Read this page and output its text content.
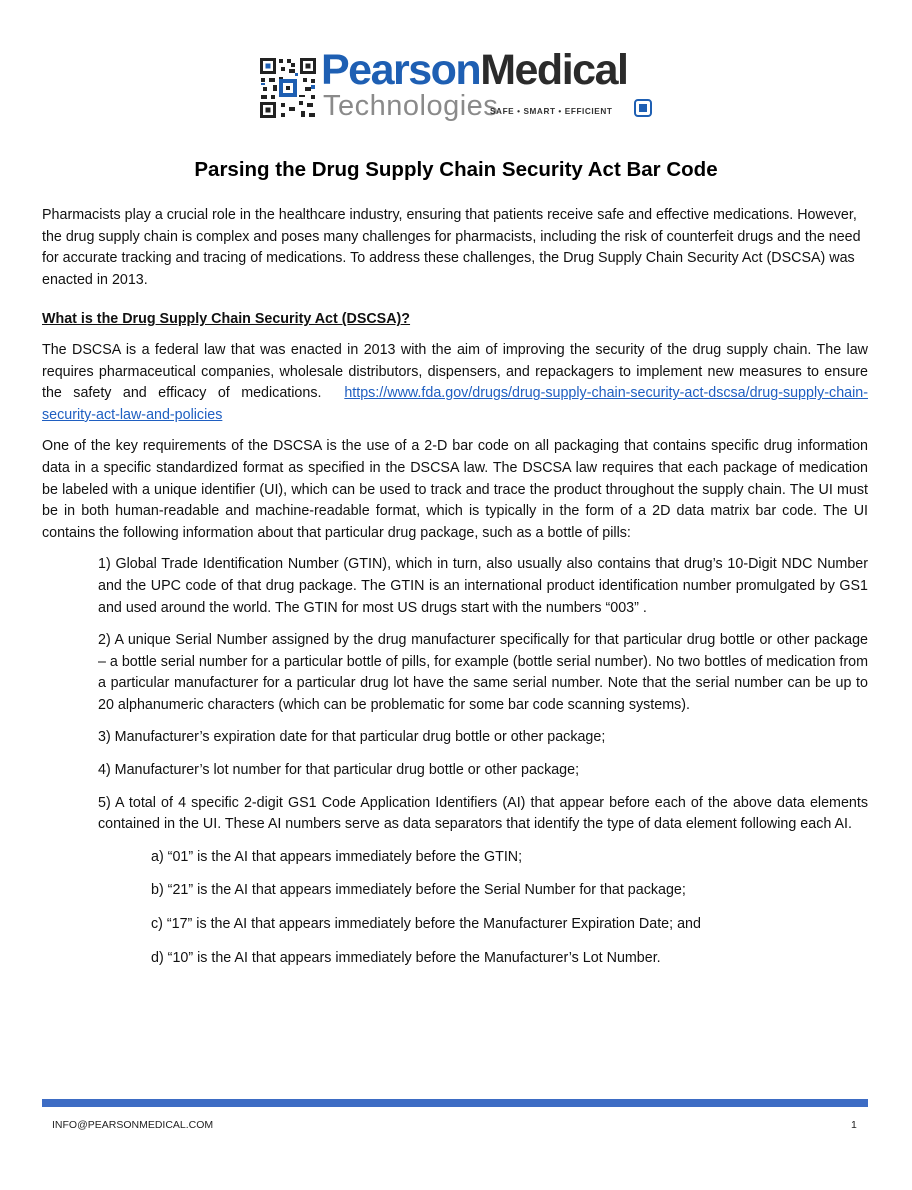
PearsonMedical
Technologies
SAFE • SMART • EFFICIENT
Parsing the Drug Supply Chain Security Act Bar Code

Pharmacists play a crucial role in the healthcare industry, ensuring that patients receive safe and effective medications. However, the drug supply chain is complex and poses many challenges for pharmacists, including the risk of counterfeit drugs and the need for accurate tracking and tracing of medications. To address these challenges, the Drug Supply Chain Security Act (DSCSA) was enacted in 2013.

What is the Drug Supply Chain Security Act (DSCSA)?

The DSCSA is a federal law that was enacted in 2013 with the aim of improving the security of the drug supply chain. The law requires pharmaceutical companies, wholesale distributors, dispensers, and repackagers to implement new measures to ensure the safety and efficacy of medications. https://www.fda.gov/drugs/drug-supply-chain-security-act-dscsa/drug-supply-chain-security-act-law-and-policies

One of the key requirements of the DSCSA is the use of a 2-D bar code on all packaging that contains specific drug information data in a specific standardized format as specified in the DSCSA law. The DSCSA law requires that each package of medication be labeled with a unique identifier (UI), which can be used to track and trace the product throughout the supply chain. The UI must be in both human-readable and machine-readable format, which is typically in the form of a 2D data matrix bar code. The UI contains the following information about that particular drug package, such as a bottle of pills:

1) Global Trade Identification Number (GTIN), which in turn, also usually also contains that drug’s 10-Digit NDC Number and the UPC code of that drug package. The GTIN is an international product identification number promulgated by GS1 and used around the world. The GTIN for most US drugs start with the numbers “003” .

2) A unique Serial Number assigned by the drug manufacturer specifically for that particular drug bottle or other package – a bottle serial number for a particular bottle of pills, for example (bottle serial number). No two bottles of medication from a particular manufacturer for a particular drug lot have the same serial number. Note that the serial number can be up to 20 alphanumeric characters (which can be problematic for some bar code scanning systems).

3) Manufacturer’s expiration date for that particular drug bottle or other package;

4) Manufacturer’s lot number for that particular drug bottle or other package;

5) A total of 4 specific 2-digit GS1 Code Application Identifiers (AI) that appear before each of the above data elements contained in the UI. These AI numbers serve as data separators that identify the type of data element following each AI.

a) “01” is the AI that appears immediately before the GTIN;

b) “21” is the AI that appears immediately before the Serial Number for that package;

c) “17” is the AI that appears immediately before the Manufacturer Expiration Date; and

d) “10” is the AI that appears immediately before the Manufacturer’s Lot Number.

INFO@PEARSONMEDICAL.COM	1
